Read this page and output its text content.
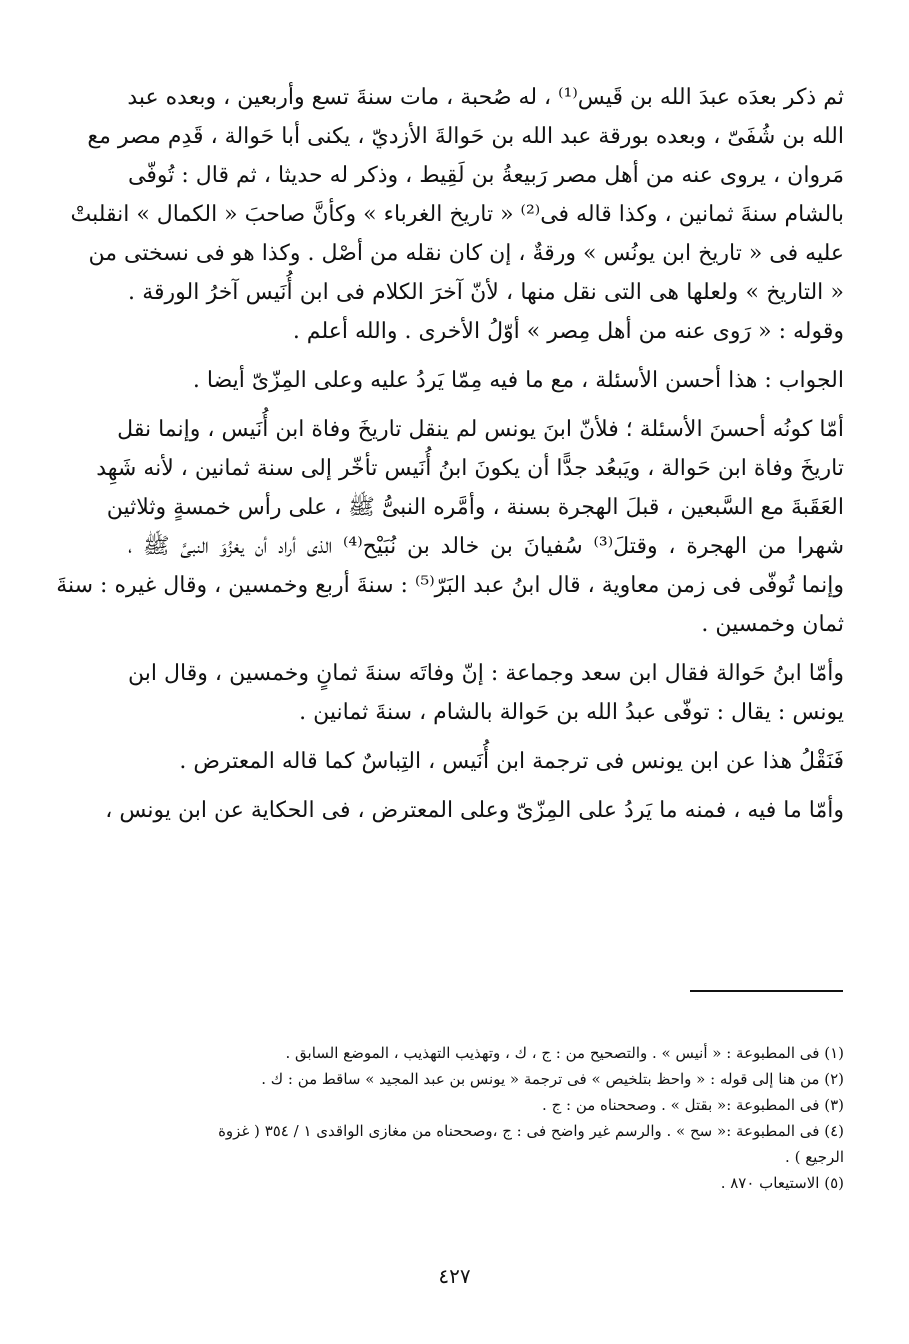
ثم ذكر بعدَه عبدَ الله بن قَيس⁽¹⁾ ، له صُحبة ، مات سنةَ تسع وأربعين ، وبعده عبد
الله بن شُفَىّ ، وبعده بورقة عبد الله بن حَوالةَ الأزديّ ، يكنى أبا حَوالة ، قَدِم مصر مع
مَروان ، يروى عنه من أهل مصر رَبيعةُ بن لَقِيط ، وذكر له حديثا ، ثم قال : تُوفّى
بالشام سنةَ ثمانين ، وكذا قاله فى⁽²⁾ « تاريخ الغرباء » وكأنَّ صاحبَ « الكمال » انقلبتْ
عليه فى « تاريخ ابن يونُس » ورقةٌ ، إن كان نقله من أصْل . وكذا هو فى نسختى من
« التاريخ » ولعلها هى التى نقل منها ، لأنّ آخرَ الكلام فى ابن أُنَيس آخرُ الورقة .
وقوله : « رَوى عنه من أهل مِصر » أوّلُ الأخرى . والله أعلم .
الجواب : هذا أحسن الأسئلة ، مع ما فيه مِمّا يَردُ عليه وعلى المِزّىّ أيضا .
أمّا كونُه أحسنَ الأسئلة ؛ فلأنّ ابنَ يونس لم ينقل تاريخَ وفاة ابن أُنَيس ، وإنما نقل
تاريخَ وفاة ابن حَوالة ، ويَبعُد جدًّا أن يكونَ ابنُ أُنَيس تأخّر إلى سنة ثمانين ، لأنه شَهِد
العَقَبةَ مع السَّبعين ، قبلَ الهجرة بسنة ، وأمَّره النبىُّ ﷺ ، على رأس خمسةٍ وثلاثين
شهرا من الهجرة ، وقتلَ⁽³⁾ سُفيانَ بن خالد بن نُبَيْح⁽⁴⁾ الذى أراد أن يغزُوَ النبىَّ ﷺ ،
وإنما تُوفّى فى زمن معاوية ، قال ابنُ عبد البَرّ⁽⁵⁾ : سنةَ أربع وخمسين ، وقال غيره : سنةَ
ثمان وخمسين .
وأمّا ابنُ حَوالة فقال ابن سعد وجماعة : إنّ وفاتَه سنةَ ثمانٍ وخمسين ، وقال ابن
يونس : يقال : توفّى عبدُ الله بن حَوالة بالشام ، سنةَ ثمانين .
فَنَقْلُ هذا عن ابن يونس فى ترجمة ابن أُنَيس ، التِباسٌ كما قاله المعترض .
وأمّا ما فيه ، فمنه ما يَردُ على المِزّىّ وعلى المعترض ، فى الحكاية عن ابن يونس ،

(١) فى المطبوعة : « أنيس » . والتصحيح من : ج ، ك ، وتهذيب التهذيب ، الموضع السابق .

(٢) من هنا إلى قوله : « واحظ بتلخيص » فى ترجمة « يونس بن عبد المجيد » ساقط من : ك .

(٣) فى المطبوعة :« بقتل » . وصححناه من : ج .

(٤) فى المطبوعة :« سح » . والرسم غير واضح فى : ج ،وصححناه من مغازى الواقدى ١ / ٣٥٤ ( غزوة

الرجيع ) .

(٥) الاستيعاب ٨٧٠ .

٤٢٧
